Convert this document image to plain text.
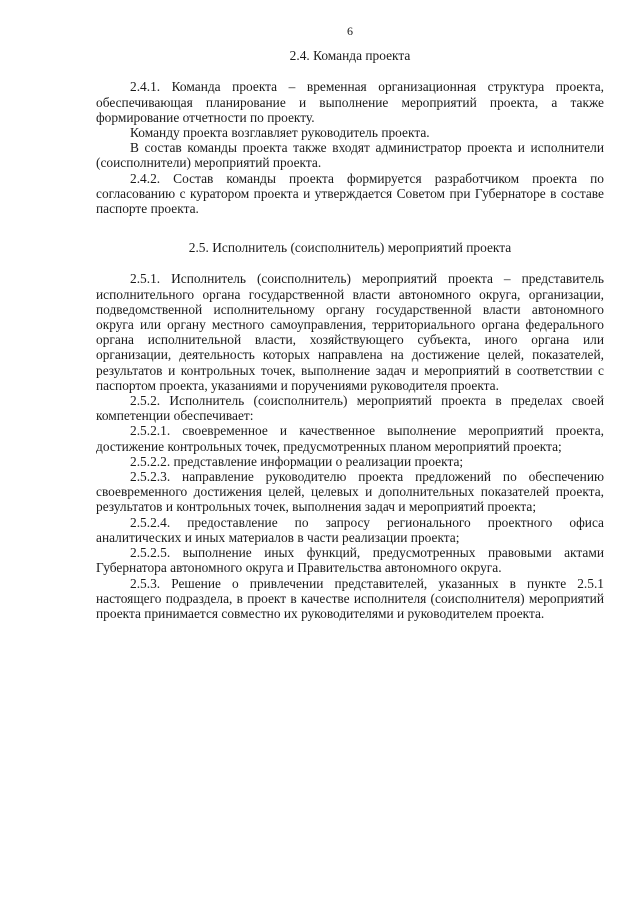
6
2.4. Команда проекта

2.4.1. Команда проекта – временная организационная структура проекта, обеспечивающая планирование и выполнение мероприятий проекта, а также формирование отчетности по проекту.

Команду проекта возглавляет руководитель проекта.

В состав команды проекта также входят администратор проекта и исполнители (соисполнители) мероприятий проекта.

2.4.2. Состав команды проекта формируется разработчиком проекта по согласованию с куратором проекта и утверждается Советом при Губернаторе в составе паспорте проекта.

2.5. Исполнитель (соисполнитель) мероприятий проекта

2.5.1. Исполнитель (соисполнитель) мероприятий проекта – представитель исполнительного органа государственной власти автономного округа, организации, подведомственной исполнительному органу государственной власти автономного округа или органу местного самоуправления, территориального органа федерального органа исполнительной власти, хозяйствующего субъекта, иного органа или организации, деятельность которых направлена на достижение целей, показателей, результатов и контрольных точек, выполнение задач и мероприятий в соответствии с паспортом проекта, указаниями и поручениями руководителя проекта.

2.5.2. Исполнитель (соисполнитель) мероприятий проекта в пределах своей компетенции обеспечивает:

2.5.2.1. своевременное и качественное выполнение мероприятий проекта, достижение контрольных точек, предусмотренных планом мероприятий проекта;

2.5.2.2. представление информации о реализации проекта;

2.5.2.3. направление руководителю проекта предложений по обеспечению своевременного достижения целей, целевых и дополнительных показателей проекта, результатов и контрольных точек, выполнения задач и мероприятий проекта;

2.5.2.4. предоставление по запросу регионального проектного офиса аналитических и иных материалов в части реализации проекта;

2.5.2.5. выполнение иных функций, предусмотренных правовыми актами Губернатора автономного округа и Правительства автономного округа.

2.5.3. Решение о привлечении представителей, указанных в пункте 2.5.1 настоящего подраздела, в проект в качестве исполнителя (соисполнителя) мероприятий проекта принимается совместно их руководителями и руководителем проекта.
